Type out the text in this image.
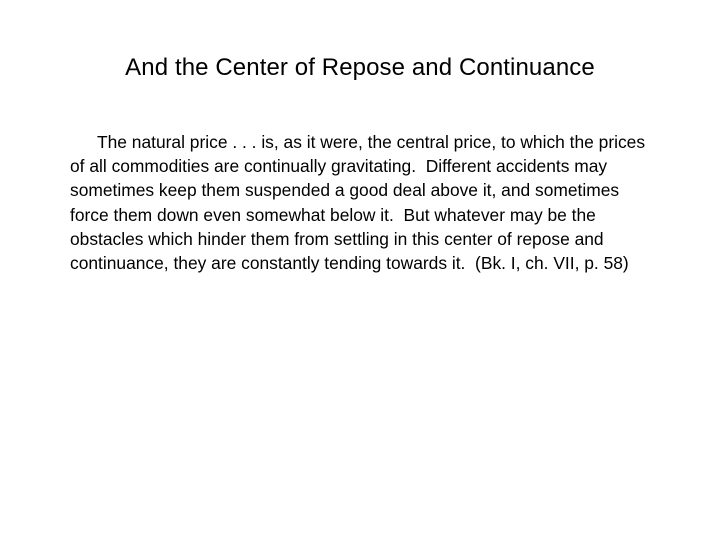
And the Center of Repose and Continuance
The natural price . . . is, as it were, the central price, to which the prices
of all commodities are continually gravitating.  Different accidents may
sometimes keep them suspended a good deal above it, and sometimes
force them down even somewhat below it.  But whatever may be the
obstacles which hinder them from settling in this center of repose and
continuance, they are constantly tending towards it.  (Bk. I, ch. VII, p. 58)
